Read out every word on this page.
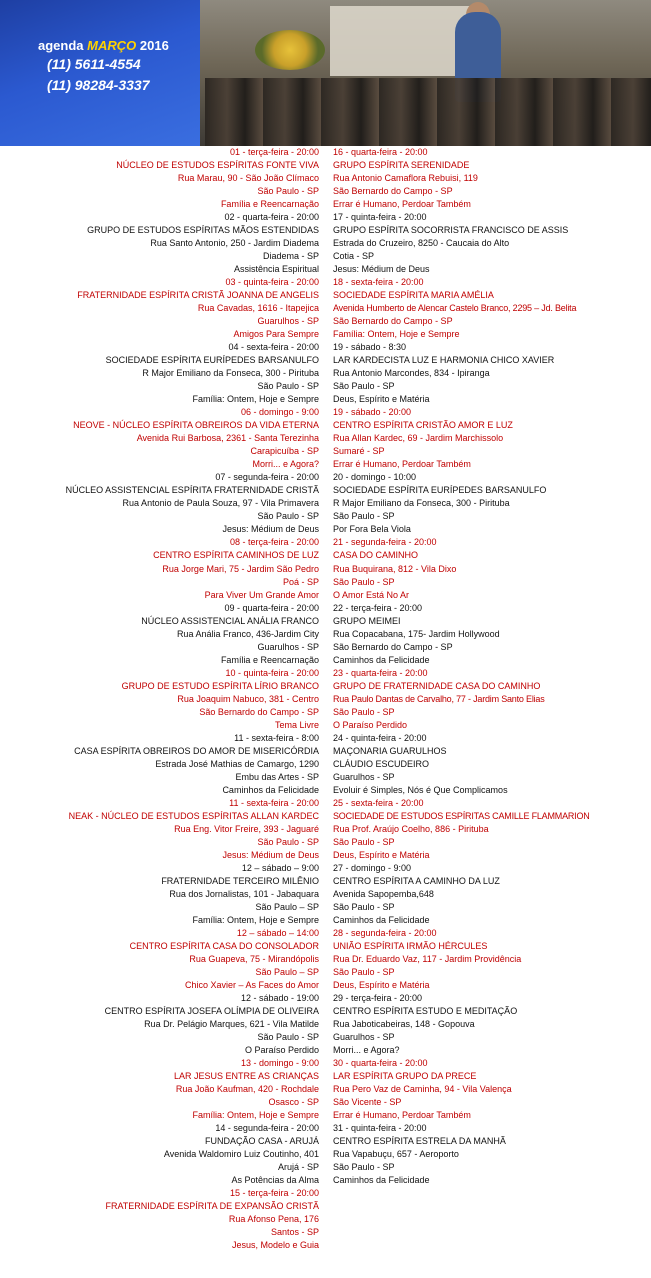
agenda MARÇO 2016
(11) 5611-4554
(11) 98284-3337
01 - terça-feira - 20:00
NÚCLEO DE ESTUDOS ESPÍRITAS FONTE VIVA
Rua Marau, 90 - São João Clímaco
São Paulo - SP
Família e Reencarnação
02 - quarta-feira - 20:00
GRUPO DE ESTUDOS ESPÍRITAS MÃOS ESTENDIDAS
Rua Santo Antonio, 250 - Jardim Diadema
Diadema - SP
Assistência Espiritual
03 - quinta-feira - 20:00
FRATERNIDADE ESPÍRITA CRISTÃ JOANNA DE ANGELIS
Rua Cavadas, 1616 - Itapejica
Guarulhos - SP
Amigos Para Sempre
04 - sexta-feira - 20:00
SOCIEDADE ESPÍRITA EURÍPEDES BARSANULFO
R Major Emiliano da Fonseca, 300 - Pirituba
São Paulo - SP
Família: Ontem, Hoje e Sempre
06 - domingo - 9:00
NEOVE - NÚCLEO ESPÍRITA OBREIROS DA VIDA ETERNA
Avenida Rui Barbosa, 2361 - Santa Terezinha
Carapicuíba - SP
Morri... e Agora?
07 - segunda-feira - 20:00
NÚCLEO ASSISTENCIAL ESPÍRITA FRATERNIDADE CRISTÃ
Rua Antonio de Paula Souza, 97 - Vila Primavera
São Paulo - SP
Jesus: Médium de Deus
08 - terça-feira - 20:00
CENTRO ESPÍRITA CAMINHOS DE LUZ
Rua Jorge Mari, 75 - Jardim São Pedro
Poá - SP
Para Viver Um Grande Amor
09 - quarta-feira - 20:00
NÚCLEO ASSISTENCIAL ANÁLIA FRANCO
Rua Anália Franco, 436-Jardim City
Guarulhos - SP
Família e Reencarnação
10 - quinta-feira - 20:00
GRUPO DE ESTUDO ESPÍRITA LÍRIO BRANCO
Rua Joaquim Nabuco, 381 - Centro
São Bernardo do Campo - SP
Tema Livre
11 - sexta-feira - 8:00
CASA ESPÍRITA OBREIROS DO AMOR DE MISERICÓRDIA
Estrada José Mathias de Camargo, 1290
Embu das Artes - SP
Caminhos da Felicidade
11 - sexta-feira - 20:00
NEAK - NÚCLEO DE ESTUDOS ESPÍRITAS ALLAN KARDEC
Rua Eng. Vitor Freire, 393 - Jaguaré
São Paulo - SP
Jesus: Médium de Deus
12 – sábado – 9:00
FRATERNIDADE TERCEIRO MILÊNIO
Rua dos Jornalistas, 101 - Jabaquara
São Paulo – SP
Família: Ontem, Hoje e Sempre
12 – sábado – 14:00
CENTRO ESPÍRITA CASA DO CONSOLADOR
Rua Guapeva, 75 - Mirandópolis
São Paulo – SP
Chico Xavier – As Faces do Amor
12 - sábado - 19:00
CENTRO ESPÍRITA JOSEFA OLÍMPIA DE OLIVEIRA
Rua Dr. Pelágio Marques, 621 - Vila Matilde
São Paulo - SP
O Paraíso Perdido
13 - domingo - 9:00
LAR JESUS ENTRE AS CRIANÇAS
Rua João Kaufman, 420 - Rochdale
Osasco - SP
Família: Ontem, Hoje e Sempre
14 - segunda-feira - 20:00
FUNDAÇÃO CASA - ARUJÁ
Avenida Waldomiro Luiz Coutinho, 401
Arujá - SP
As Potências da Alma
15 - terça-feira - 20:00
FRATERNIDADE ESPÍRITA DE EXPANSÃO CRISTÃ
Rua Afonso Pena, 176
Santos - SP
Jesus, Modelo e Guia
16 - quarta-feira - 20:00
GRUPO ESPÍRITA SERENIDADE
Rua Antonio Camaflora Rebuisi, 119
São Bernardo do Campo - SP
Errar é Humano, Perdoar Também
17 - quinta-feira - 20:00
GRUPO ESPÍRITA SOCORRISTA FRANCISCO DE ASSIS
Estrada do Cruzeiro, 8250 - Caucaia do Alto
Cotia - SP
Jesus: Médium de Deus
18 - sexta-feira - 20:00
SOCIEDADE ESPÍRITA MARIA AMÉLIA
Avenida Humberto de Alencar Castelo Branco, 2295 – Jd. Belita
São Bernardo do Campo - SP
Família: Ontem, Hoje e Sempre
19 - sábado - 8:30
LAR KARDECISTA LUZ E HARMONIA CHICO XAVIER
Rua Antonio Marcondes, 834 - Ipiranga
São Paulo - SP
Deus, Espírito e Matéria
19 - sábado - 20:00
CENTRO ESPÍRITA CRISTÃO AMOR E LUZ
Rua Allan Kardec, 69 - Jardim Marchissolo
Sumaré - SP
Errar é Humano, Perdoar Também
20 - domingo - 10:00
SOCIEDADE ESPÍRITA EURÍPEDES BARSANULFO
R Major Emiliano da Fonseca, 300 - Pirituba
São Paulo - SP
Por Fora Bela Viola
21 - segunda-feira - 20:00
CASA DO CAMINHO
Rua Buquirana, 812 - Vila Dixo
São Paulo - SP
O Amor Está No Ar
22 - terça-feira - 20:00
GRUPO MEIMEI
Rua Copacabana, 175- Jardim Hollywood
São Bernardo do Campo - SP
Caminhos da Felicidade
23 - quarta-feira - 20:00
GRUPO DE FRATERNIDADE CASA DO CAMINHO
Rua Paulo Dantas de Carvalho, 77 - Jardim Santo Elias
São Paulo - SP
O Paraíso Perdido
24 - quinta-feira - 20:00
MAÇONARIA GUARULHOS
CLÁUDIO ESCUDEIRO
Guarulhos - SP
Evoluir é Simples, Nós é Que Complicamos
25 - sexta-feira - 20:00
SOCIEDADE DE ESTUDOS ESPÍRITAS CAMILLE FLAMMARION
Rua Prof. Araújo Coelho, 886 - Pirituba
São Paulo - SP
Deus, Espírito e Matéria
27 - domingo - 9:00
CENTRO ESPÍRITA A CAMINHO DA LUZ
Avenida Sapopemba,648
São Paulo - SP
Caminhos da Felicidade
28 - segunda-feira - 20:00
UNIÃO ESPÍRITA IRMÃO HÉRCULES
Rua Dr. Eduardo Vaz, 117 - Jardim Providência
São Paulo - SP
Deus, Espírito e Matéria
29 - terça-feira - 20:00
CENTRO ESPÍRITA ESTUDO E MEDITAÇÃO
Rua Jaboticabeiras, 148 - Gopouva
Guarulhos - SP
Morri... e Agora?
30 - quarta-feira - 20:00
LAR ESPÍRITA GRUPO DA PRECE
Rua Pero Vaz de Caminha, 94 - Vila Valença
São Vicente - SP
Errar é Humano, Perdoar Também
31 - quinta-feira - 20:00
CENTRO ESPÍRITA ESTRELA DA MANHÃ
Rua Vapabuçu, 657 - Aeroporto
São Paulo - SP
Caminhos da Felicidade
